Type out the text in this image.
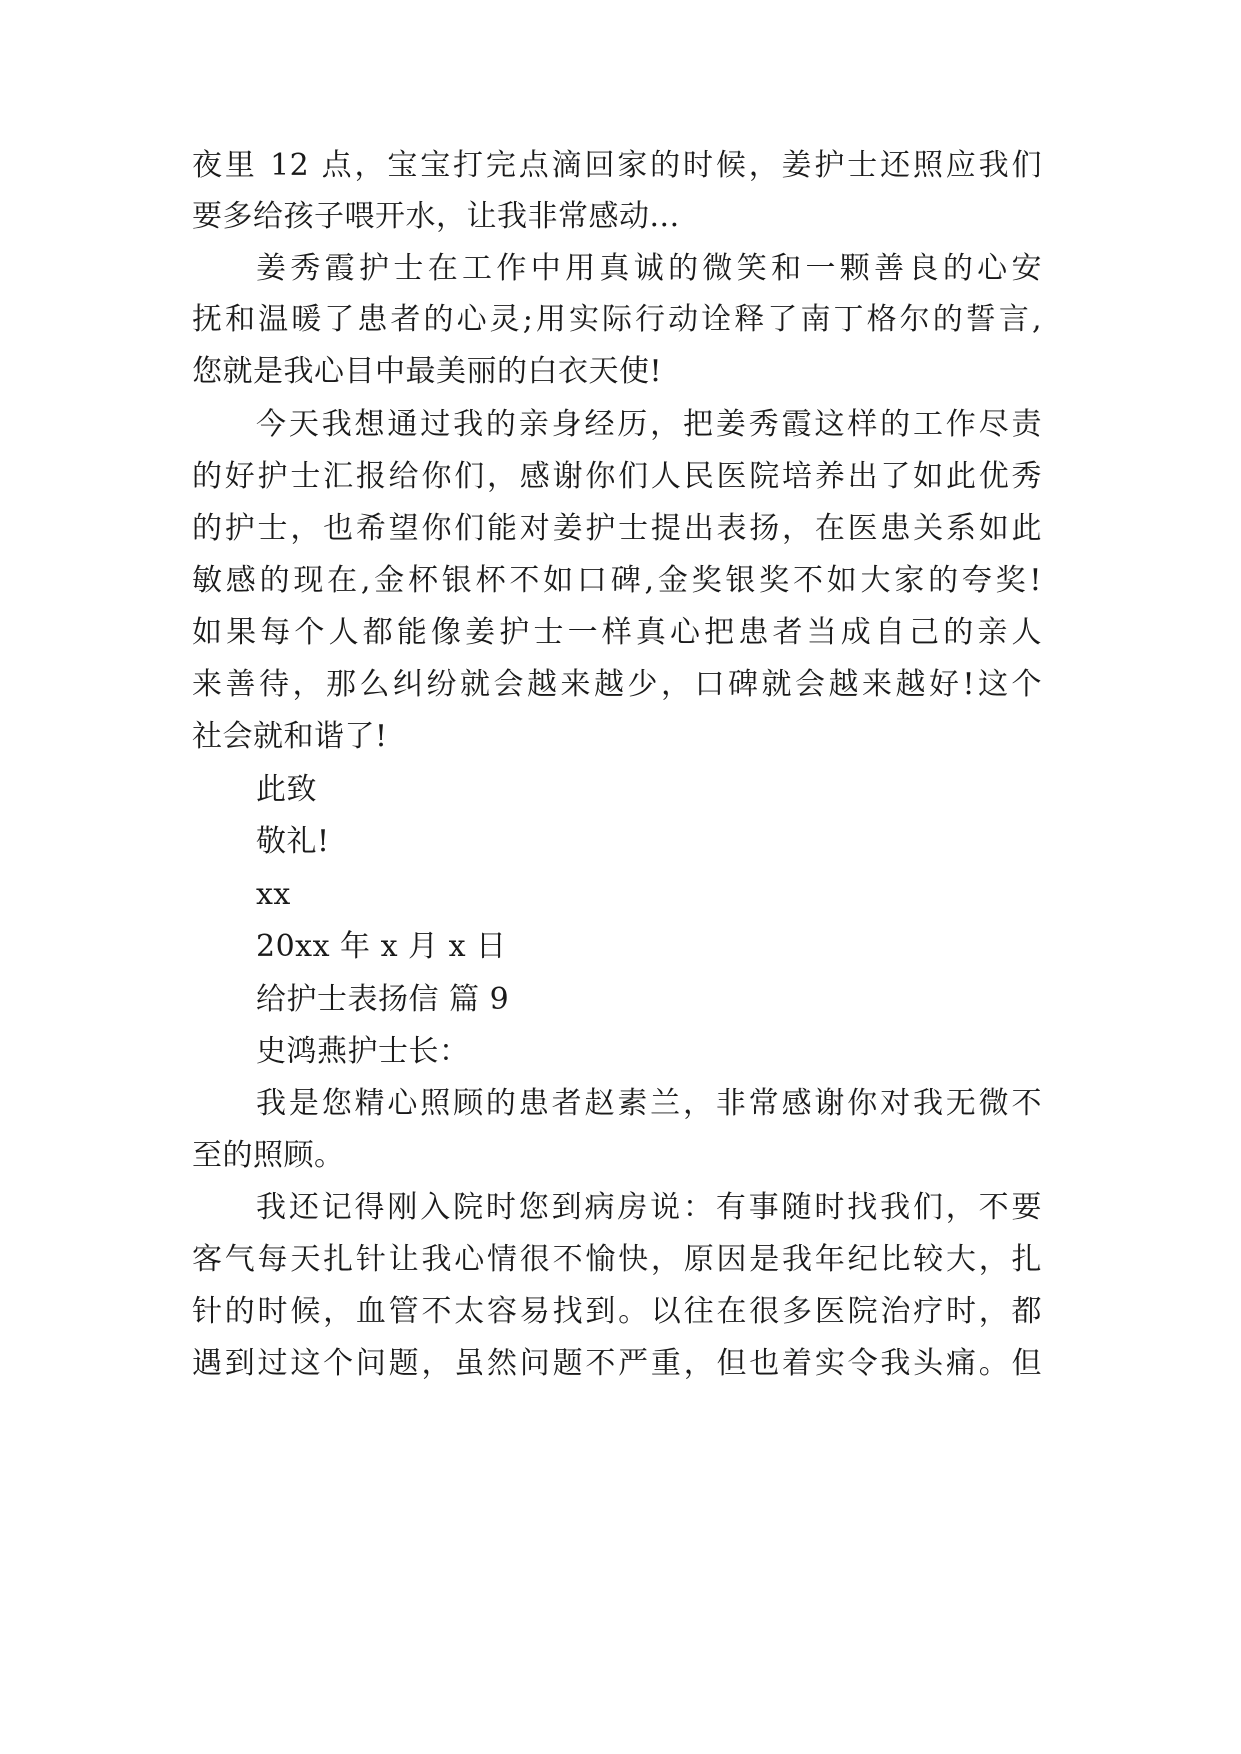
夜里 12 点，宝宝打完点滴回家的时候，姜护士还照应我们
要多给孩子喂开水，让我非常感动...
姜秀霞护士在工作中用真诚的微笑和一颗善良的心安
抚和温暖了患者的心灵;用实际行动诠释了南丁格尔的誓言,
您就是我心目中最美丽的白衣天使!
今天我想通过我的亲身经历，把姜秀霞这样的工作尽责
的好护士汇报给你们，感谢你们人民医院培养出了如此优秀
的护士，也希望你们能对姜护士提出表扬，在医患关系如此
敏感的现在,金杯银杯不如口碑,金奖银奖不如大家的夸奖!
如果每个人都能像姜护士一样真心把患者当成自己的亲人
来善待，那么纠纷就会越来越少，口碑就会越来越好!这个
社会就和谐了!
此致
敬礼!
xx
20xx 年 x 月 x 日
给护士表扬信 篇 9
史鸿燕护士长：
我是您精心照顾的患者赵素兰，非常感谢你对我无微不
至的照顾。
我还记得刚入院时您到病房说：有事随时找我们，不要
客气每天扎针让我心情很不愉快，原因是我年纪比较大，扎
针的时候，血管不太容易找到。以往在很多医院治疗时，都
遇到过这个问题，虽然问题不严重，但也着实令我头痛。但
